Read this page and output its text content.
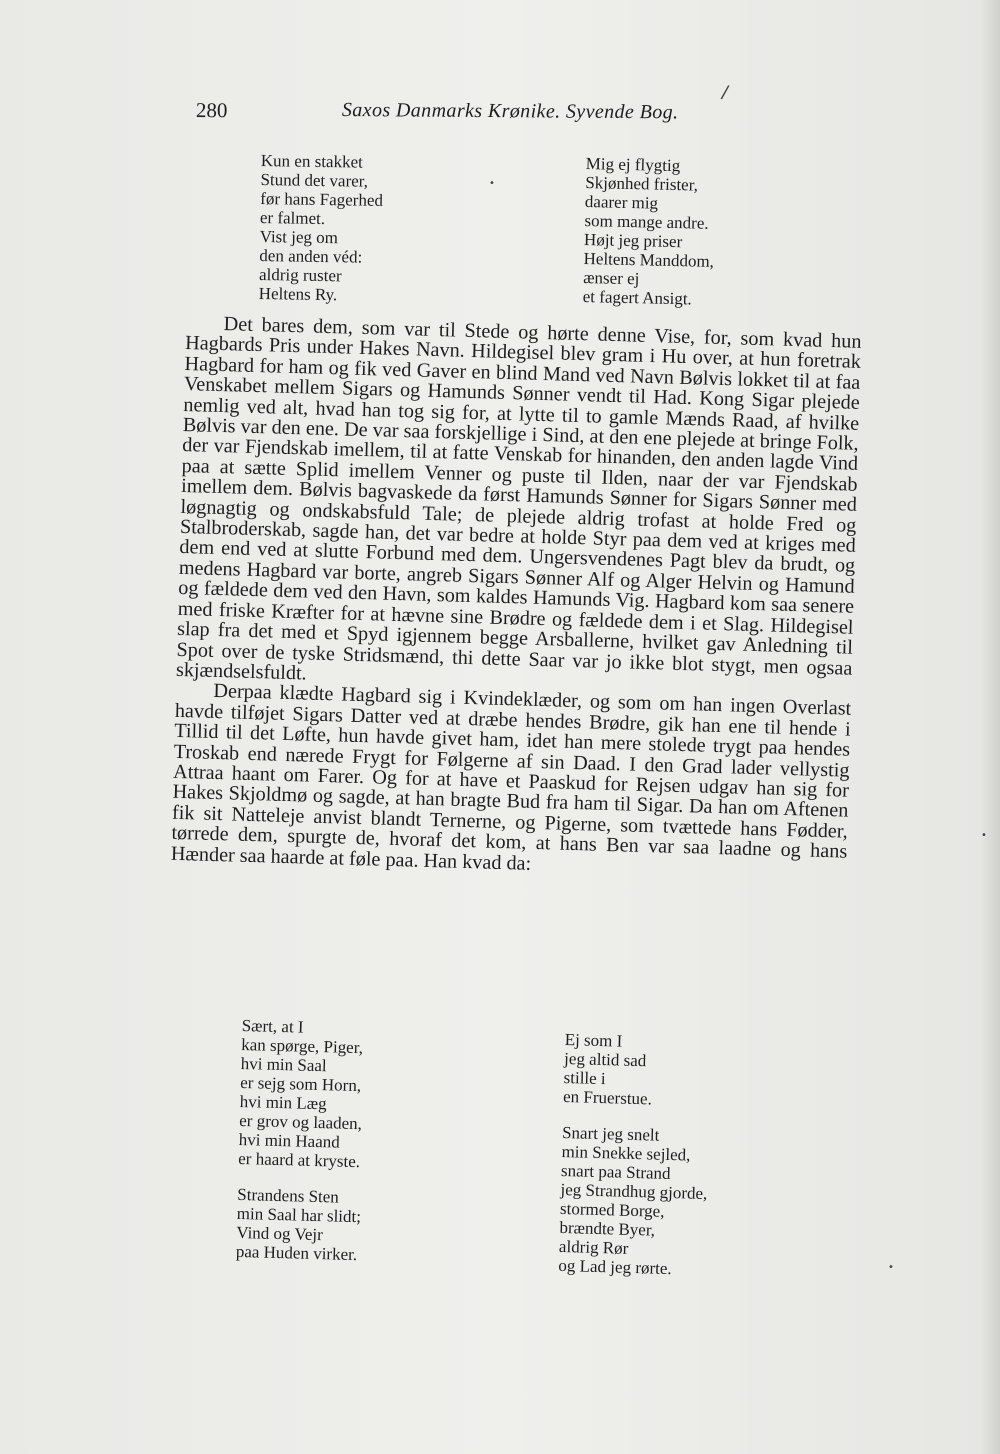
280	Saxos Danmarks Krønike. Syvende Bog.
Kun en stakket
Stund det varer,
før hans Fagerhed
er falmet.
Vist jeg om
den anden véd:
aldrig ruster
Heltens Ry.
Mig ej flygtig
Skjønhed frister,
daarer mig
som mange andre.
Højt jeg priser
Heltens Manddom,
ænser ej
et fagert Ansigt.

Det bares dem, som var til Stede og hørte denne Vise, for, som kvad hun Hagbards Pris under Hakes Navn. Hildegisel blev gram i Hu over, at hun foretrak Hagbard for ham og fik ved Gaver en blind Mand ved Navn Bølvis lokket til at faa Venskabet mellem Sigars og Hamunds Sønner vendt til Had. Kong Sigar plejede nemlig ved alt, hvad han tog sig for, at lytte til to gamle Mænds Raad, af hvilke Bølvis var den ene. De var saa forskjellige i Sind, at den ene plejede at bringe Folk, der var Fjendskab imellem, til at fatte Venskab for hinanden, den anden lagde Vind paa at sætte Splid imellem Venner og puste til Ilden, naar der var Fjendskab imellem dem. Bølvis bagvaskede da først Hamunds Sønner for Sigars Sønner med løgnagtig og ondskabsfuld Tale; de plejede aldrig trofast at holde Fred og Stalbroderskab, sagde han, det var bedre at holde Styr paa dem ved at kriges med dem end ved at slutte Forbund med dem. Ungersvendenes Pagt blev da brudt, og medens Hagbard var borte, angreb Sigars Sønner Alf og Alger Helvin og Hamund og fældede dem ved den Havn, som kaldes Hamunds Vig. Hagbard kom saa senere med friske Kræfter for at hævne sine Brødre og fældede dem i et Slag. Hildegisel slap fra det med et Spyd igjennem begge Arsballerne, hvilket gav Anledning til Spot over de tyske Stridsmænd, thi dette Saar var jo ikke blot stygt, men ogsaa skjændselsfuldt.

Derpaa klædte Hagbard sig i Kvindeklæder, og som om han ingen Overlast havde tilføjet Sigars Datter ved at dræbe hendes Brødre, gik han ene til hende i Tillid til det Løfte, hun havde givet ham, idet han mere stolede trygt paa hendes Troskab end nærede Frygt for Følgerne af sin Daad. I den Grad lader vellystig Attraa haant om Farer. Og for at have et Paaskud for Rejsen udgav han sig for Hakes Skjoldmø og sagde, at han bragte Bud fra ham til Sigar. Da han om Aftenen fik sit Natteleje anvist blandt Ternerne, og Pigerne, som tvættede hans Fødder, tørrede dem, spurgte de, hvoraf det kom, at hans Ben var saa laadne og hans Hænder saa haarde at føle paa. Han kvad da:

Sært, at I
kan spørge, Piger,
hvi min Saal
er sejg som Horn,
hvi min Læg
er grov og laaden,
hvi min Haand
er haard at kryste.
Strandens Sten
min Saal har slidt;
Vind og Vejr
paa Huden virker.
Ej som I
jeg altid sad
stille i
en Fruerstue.
Snart jeg snelt
min Snekke sejled,
snart paa Strand
jeg Strandhug gjorde,
stormed Borge,
brændte Byer,
aldrig Rør
og Lad jeg rørte.
/
•
•
•
